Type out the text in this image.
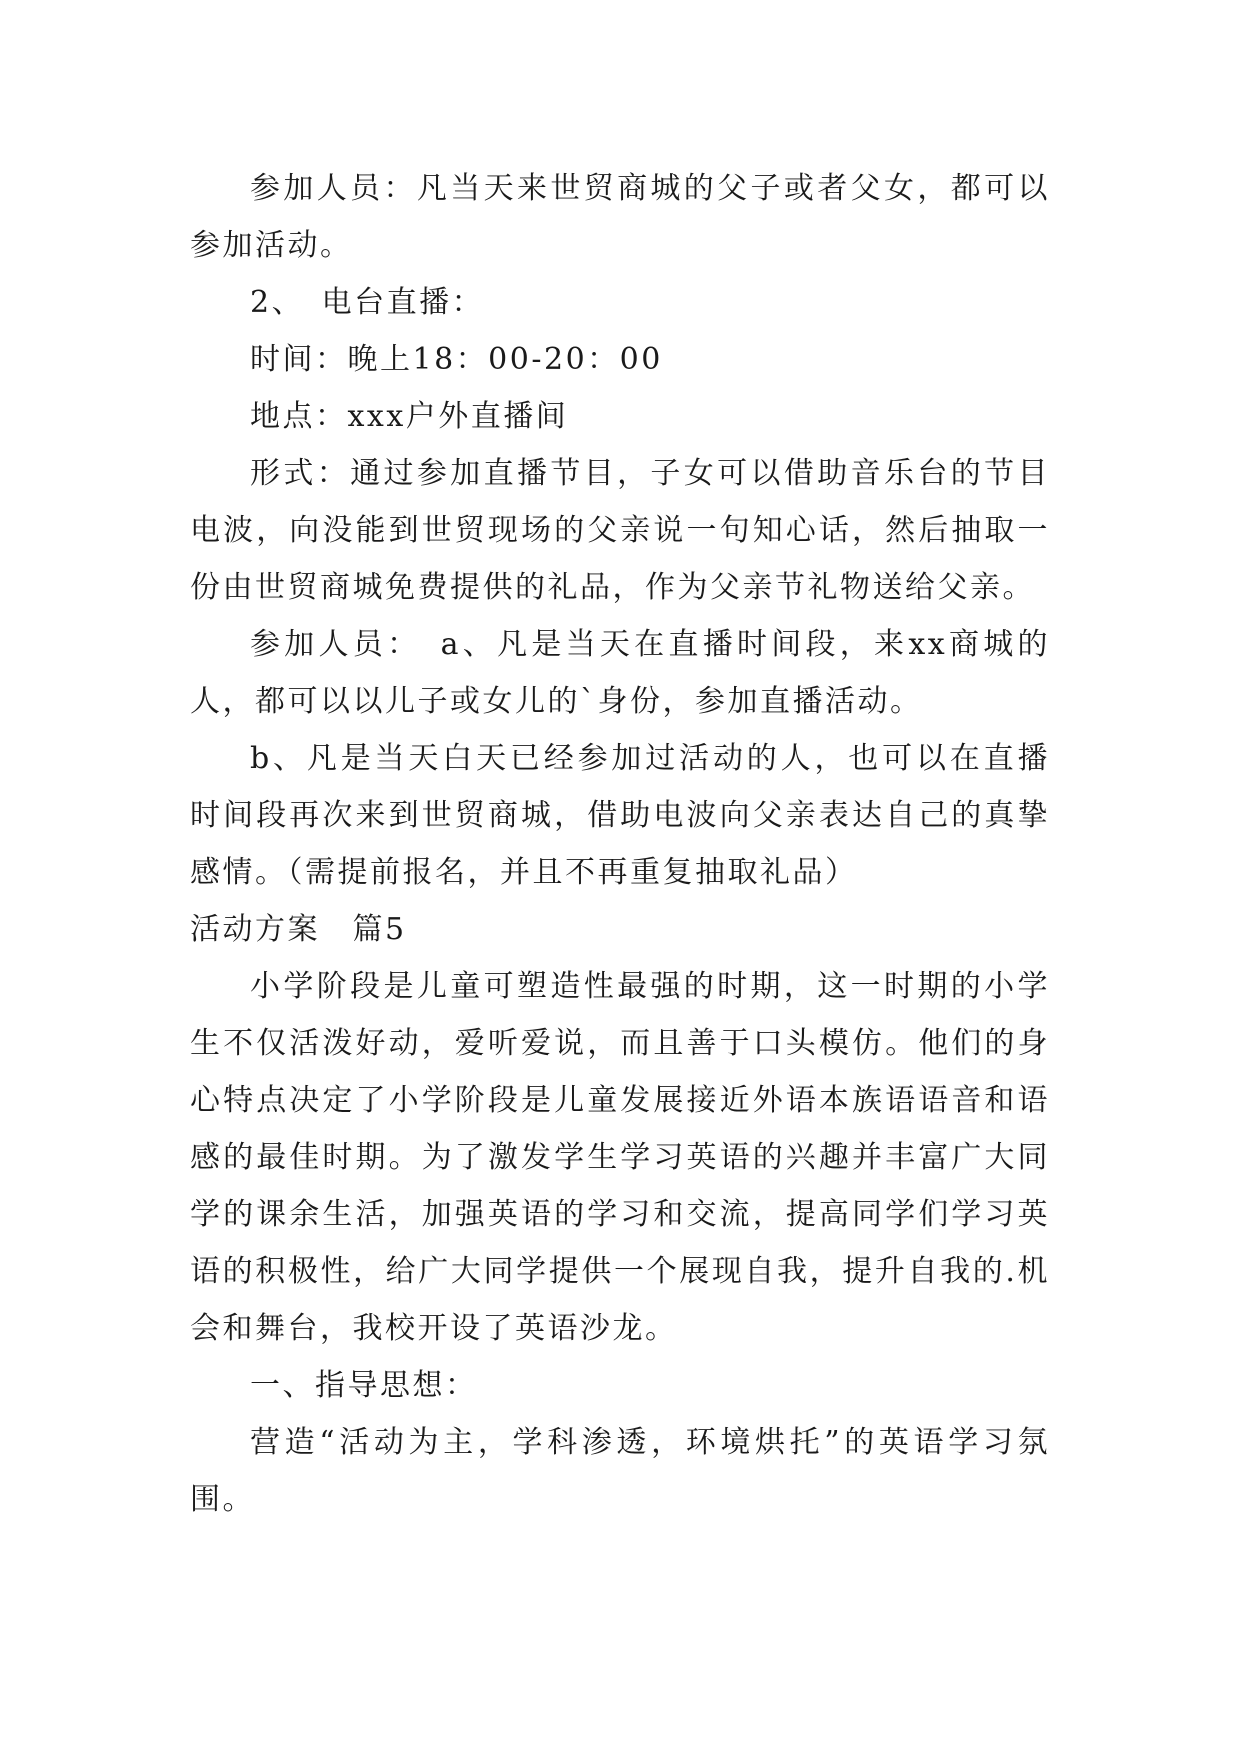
参加人员：凡当天来世贸商城的父子或者父女，都可以参加活动。

2、　电台直播：

时间：晚上18：00-20：00

地点：xxx户外直播间

形式：通过参加直播节目，子女可以借助音乐台的节目电波，向没能到世贸现场的父亲说一句知心话，然后抽取一份由世贸商城免费提供的礼品，作为父亲节礼物送给父亲。

参加人员：　a、凡是当天在直播时间段，来xx商城的人，都可以以儿子或女儿的`身份，参加直播活动。

b、凡是当天白天已经参加过活动的人，也可以在直播时间段再次来到世贸商城，借助电波向父亲表达自己的真挚感情。（需提前报名，并且不再重复抽取礼品）

活动方案　篇5

小学阶段是儿童可塑造性最强的时期，这一时期的小学生不仅活泼好动，爱听爱说，而且善于口头模仿。他们的身心特点决定了小学阶段是儿童发展接近外语本族语语音和语感的最佳时期。为了激发学生学习英语的兴趣并丰富广大同学的课余生活，加强英语的学习和交流，提高同学们学习英语的积极性，给广大同学提供一个展现自我，提升自我的.机会和舞台，我校开设了英语沙龙。

一、指导思想：

营造“活动为主，学科渗透，环境烘托”的英语学习氛围。
